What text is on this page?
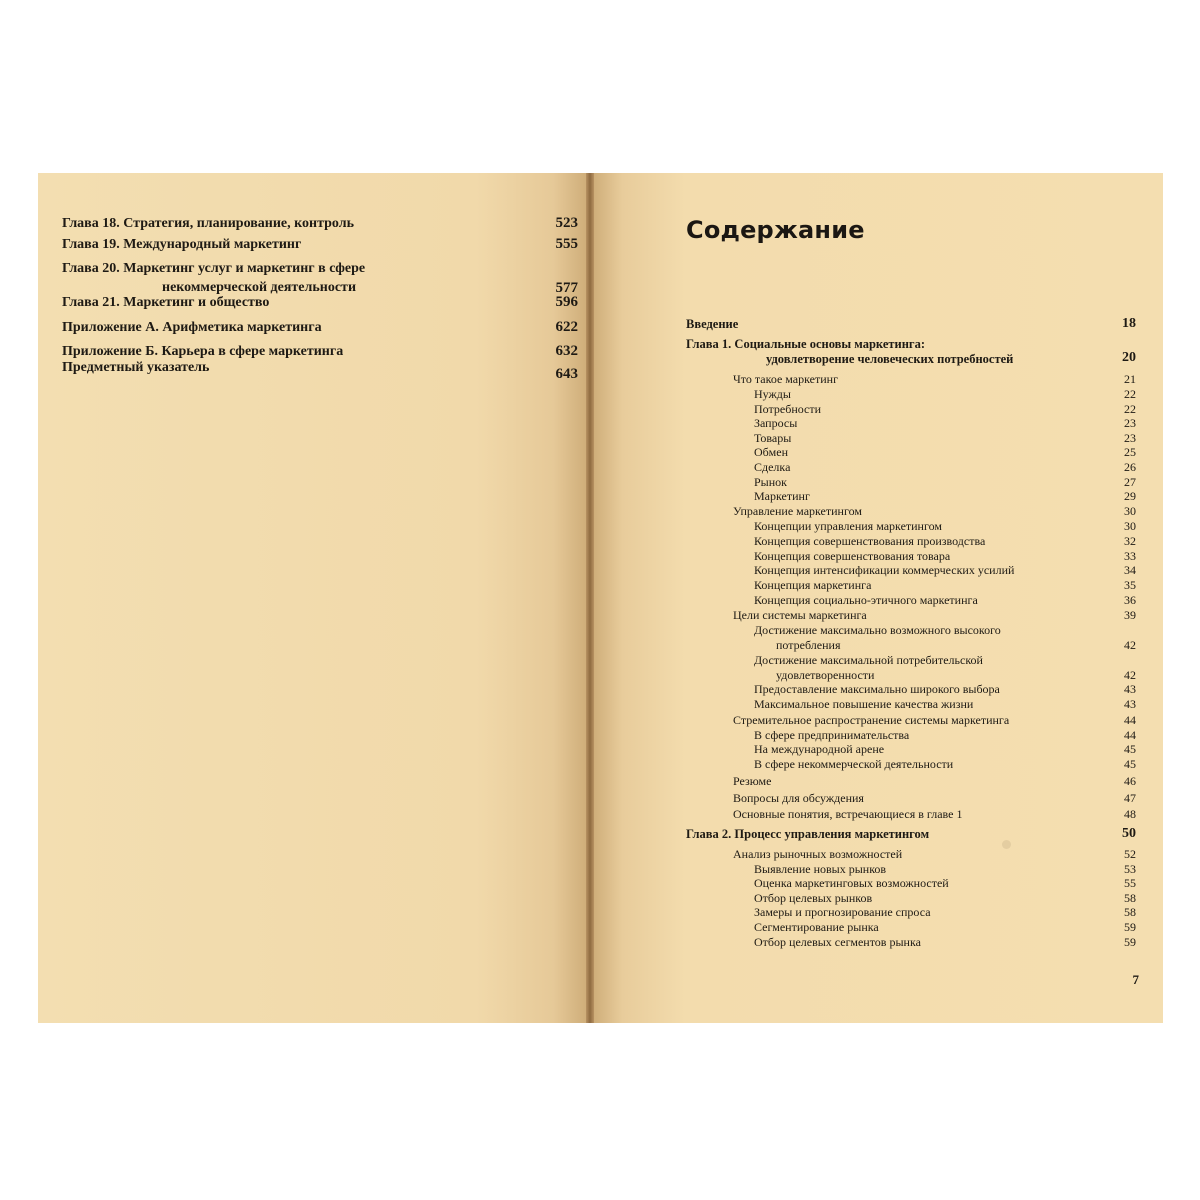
Глава 18. Стратегия, планирование, контроль	523
Глава 19. Международный маркетинг	555
Глава 20. Маркетинг услуг и маркетинг в сфере
некоммерческой деятельности	577
Глава 21. Маркетинг и общество	596
Приложение А. Арифметика маркетинга	622
Приложение Б. Карьера в сфере маркетинга	632
Предметный указатель	643
Содержание
Введение	18
Глава 1. Социальные основы маркетинга:
удовлетворение человеческих потребностей	20
Что такое маркетинг	21
Нужды	22
Потребности	22
Запросы	23
Товары	23
Обмен	25
Сделка	26
Рынок	27
Маркетинг	29
Управление маркетингом	30
Концепции управления маркетингом	30
Концепция совершенствования производства	32
Концепция совершенствования товара	33
Концепция интенсификации коммерческих усилий	34
Концепция маркетинга	35
Концепция социально-этичного маркетинга	36
Цели системы маркетинга	39
Достижение максимально возможного высокого
потребления	42
Достижение максимальной потребительской
удовлетворенности	42
Предоставление максимально широкого выбора	43
Максимальное повышение качества жизни	43
Стремительное распространение системы маркетинга	44
В сфере предпринимательства	44
На международной арене	45
В сфере некоммерческой деятельности	45
Резюме	46
Вопросы для обсуждения	47
Основные понятия, встречающиеся в главе 1	48
Глава 2. Процесс управления маркетингом	50
Анализ рыночных возможностей	52
Выявление новых рынков	53
Оценка маркетинговых возможностей	55
Отбор целевых рынков	58
Замеры и прогнозирование спроса	58
Сегментирование рынка	59
Отбор целевых сегментов рынка	59
7
